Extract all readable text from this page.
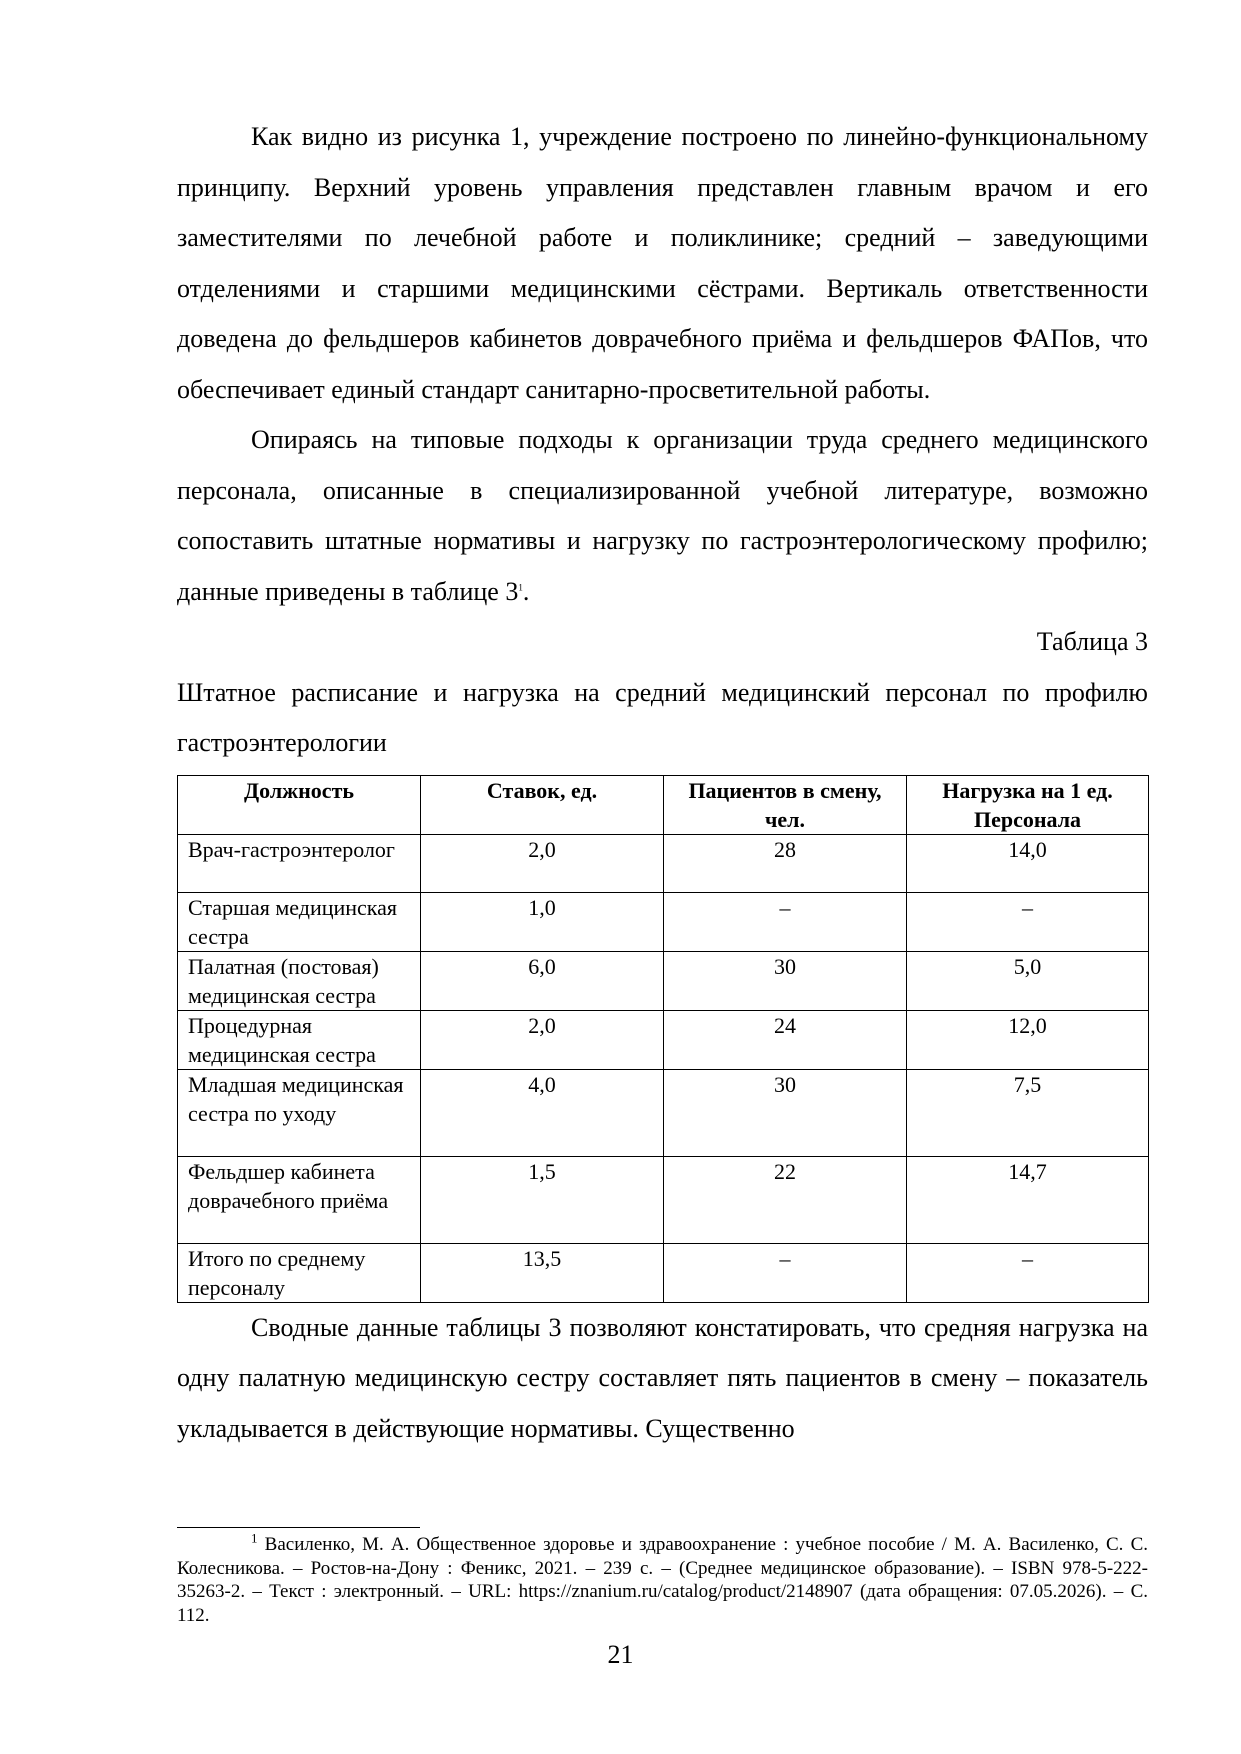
Как видно из рисунка 1, учреждение построено по линейно-функциональному принципу. Верхний уровень управления представлен главным врачом и его заместителями по лечебной работе и поликлинике; средний – заведующими отделениями и старшими медицинскими сёстрами. Вертикаль ответственности доведена до фельдшеров кабинетов доврачебного приёма и фельдшеров ФАПов, что обеспечивает единый стандарт санитарно-просветительной работы.

Опираясь на типовые подходы к организации труда среднего медицинского персонала, описанные в специализированной учебной литературе, возможно сопоставить штатные нормативы и нагрузку по гастроэнтерологическому профилю; данные приведены в таблице $3^1$.

Таблица 3

Штатное расписание и нагрузка на средний медицинский персонал по профилю гастроэнтерологии

Должность	Ставок, ед.	Пациентов в смену, чел.	Нагрузка на 1 ед. Персонала
Врач-гастроэнтеролог	2,0	28	14,0
Старшая медицинская сестра	1,0	–	–
Палатная (постовая) медицинская сестра	6,0	30	5,0
Процедурная медицинская сестра	2,0	24	12,0
Младшая медицинская сестра по уходу	4,0	30	7,5
Фельдшер кабинета доврачебного приёма	1,5	22	14,7
Итого по среднему персоналу	13,5	–	–

Сводные данные таблицы 3 позволяют констатировать, что средняя нагрузка на одну палатную медицинскую сестру составляет пять пациентов в смену – показатель укладывается в действующие нормативы. Существенно

$^1$ Василенко, М. А. Общественное здоровье и здравоохранение : учебное пособие / М. А. Василенко, С. С. Колесникова. – Ростов-на-Дону : Феникс, 2021. – 239 с. – (Среднее медицинское образование). – ISBN 978-5-222-35263-2. – Текст : электронный. – URL: https://znanium.ru/catalog/product/2148907 (дата обращения: 07.05.2026). – С. 112.

21
